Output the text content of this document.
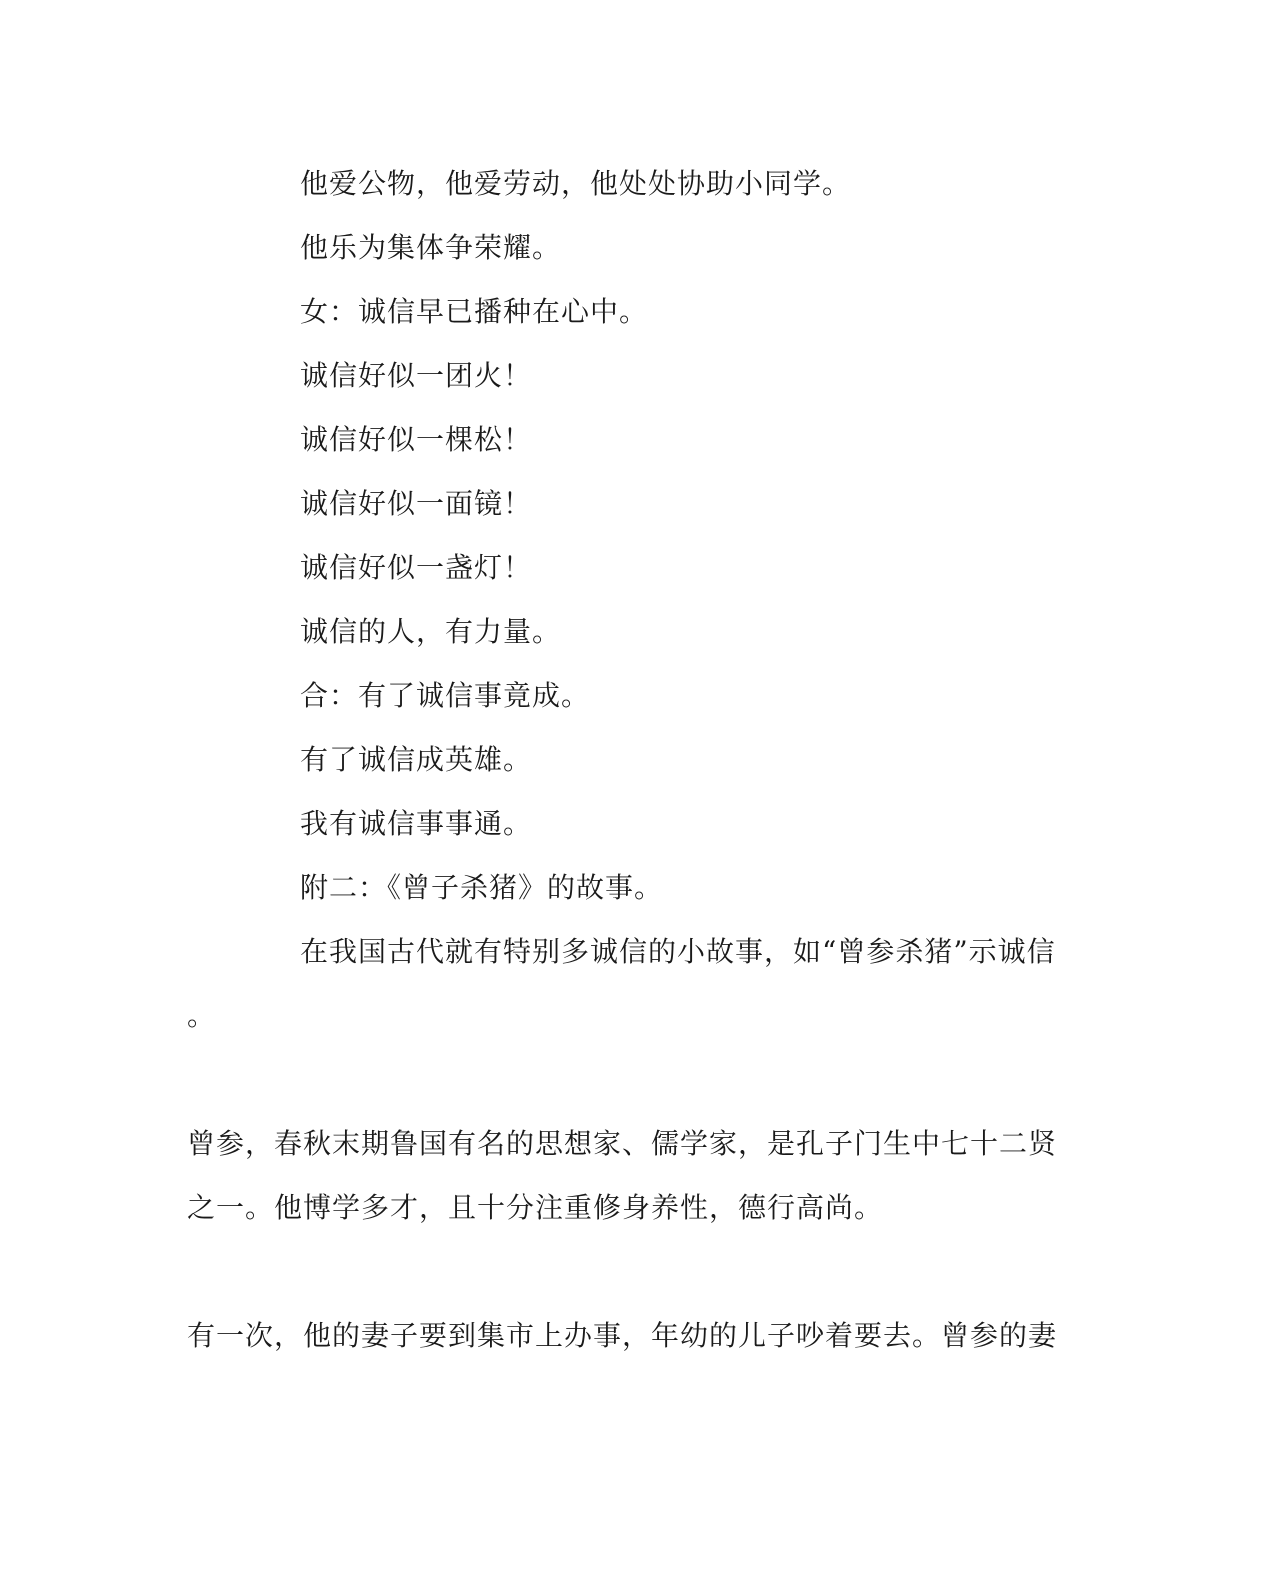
他爱公物，他爱劳动，他处处协助小同学。
他乐为集体争荣耀。
女：诚信早已播种在心中。
诚信好似一团火！
诚信好似一棵松！
诚信好似一面镜！
诚信好似一盏灯！
诚信的人，有力量。
合：有了诚信事竟成。
有了诚信成英雄。
我有诚信事事通。
附二：《曾子杀猪》的故事。
在我国古代就有特别多诚信的小故事，如“曾参杀猪”示诚信
。
曾参，春秋末期鲁国有名的思想家、儒学家，是孔子门生中七十二贤
之一。他博学多才，且十分注重修身养性，德行高尚。
有一次，他的妻子要到集市上办事，年幼的儿子吵着要去。曾参的妻
